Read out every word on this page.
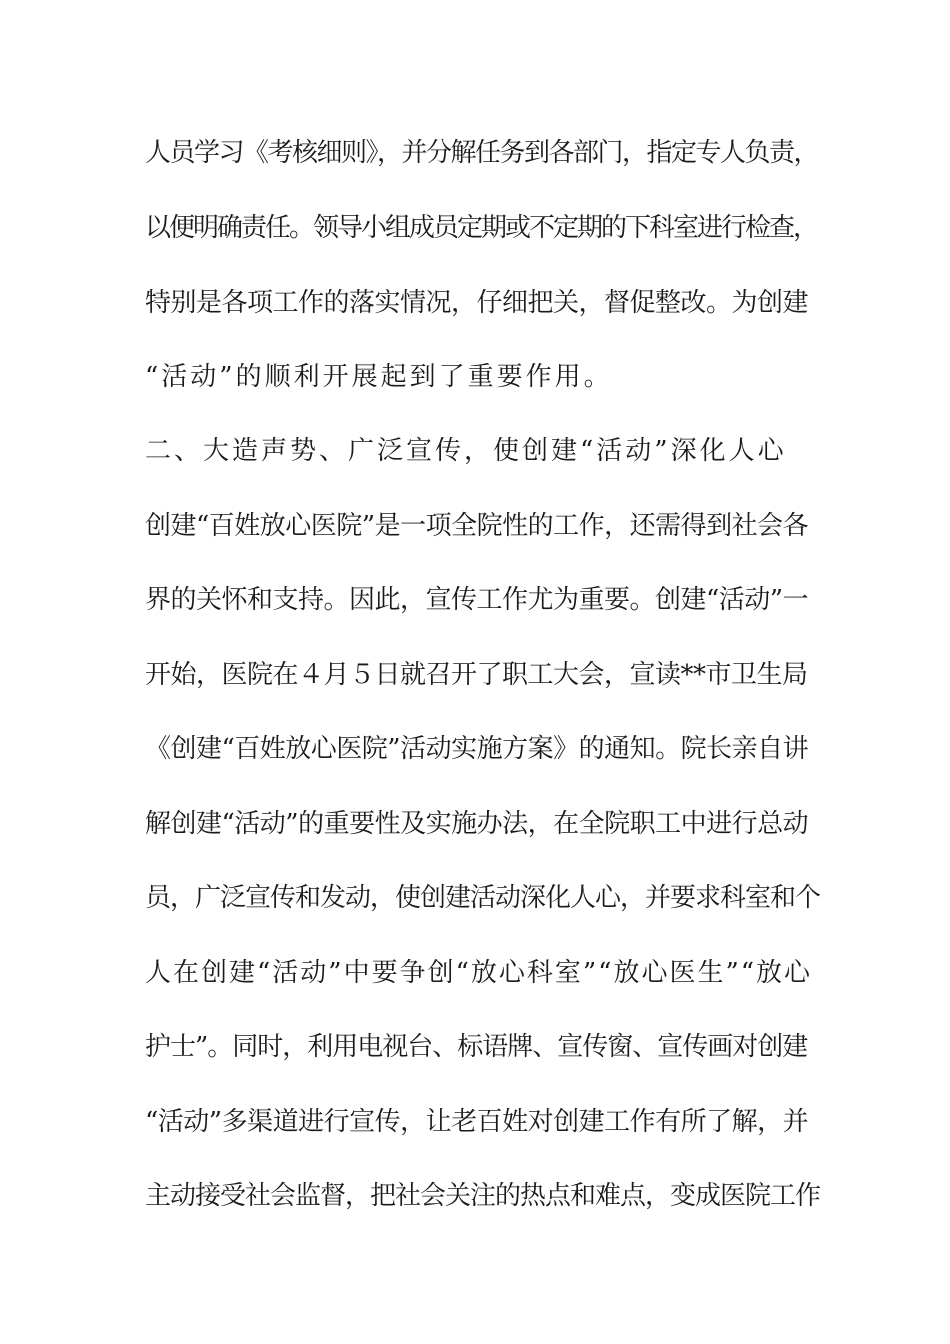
人员学习《考核细则》，并分解任务到各部门，指定专人负责，

以便明确责任。领导小组成员定期或不定期的下科室进行检查，

特别是各项工作的落实情况，仔细把关，督促整改。为创建

“活动”的顺利开展起到了重要作用。

二、大造声势、广泛宣传，使创建“活动”深化人心

创建“百姓放心医院”是一项全院性的工作，还需得到社会各

界的关怀和支持。因此，宣传工作尤为重要。创建“活动”一

开始，医院在４月５日就召开了职工大会，宣读**市卫生局

《创建“百姓放心医院”活动实施方案》的通知。院长亲自讲

解创建“活动”的重要性及实施办法，在全院职工中进行总动

员，广泛宣传和发动，使创建活动深化人心，并要求科室和个

人在创建“活动”中要争创“放心科室”“放心医生”“放心

护士”。同时，利用电视台、标语牌、宣传窗、宣传画对创建

“活动”多渠道进行宣传，让老百姓对创建工作有所了解，并

主动接受社会监督，把社会关注的热点和难点，变成医院工作
